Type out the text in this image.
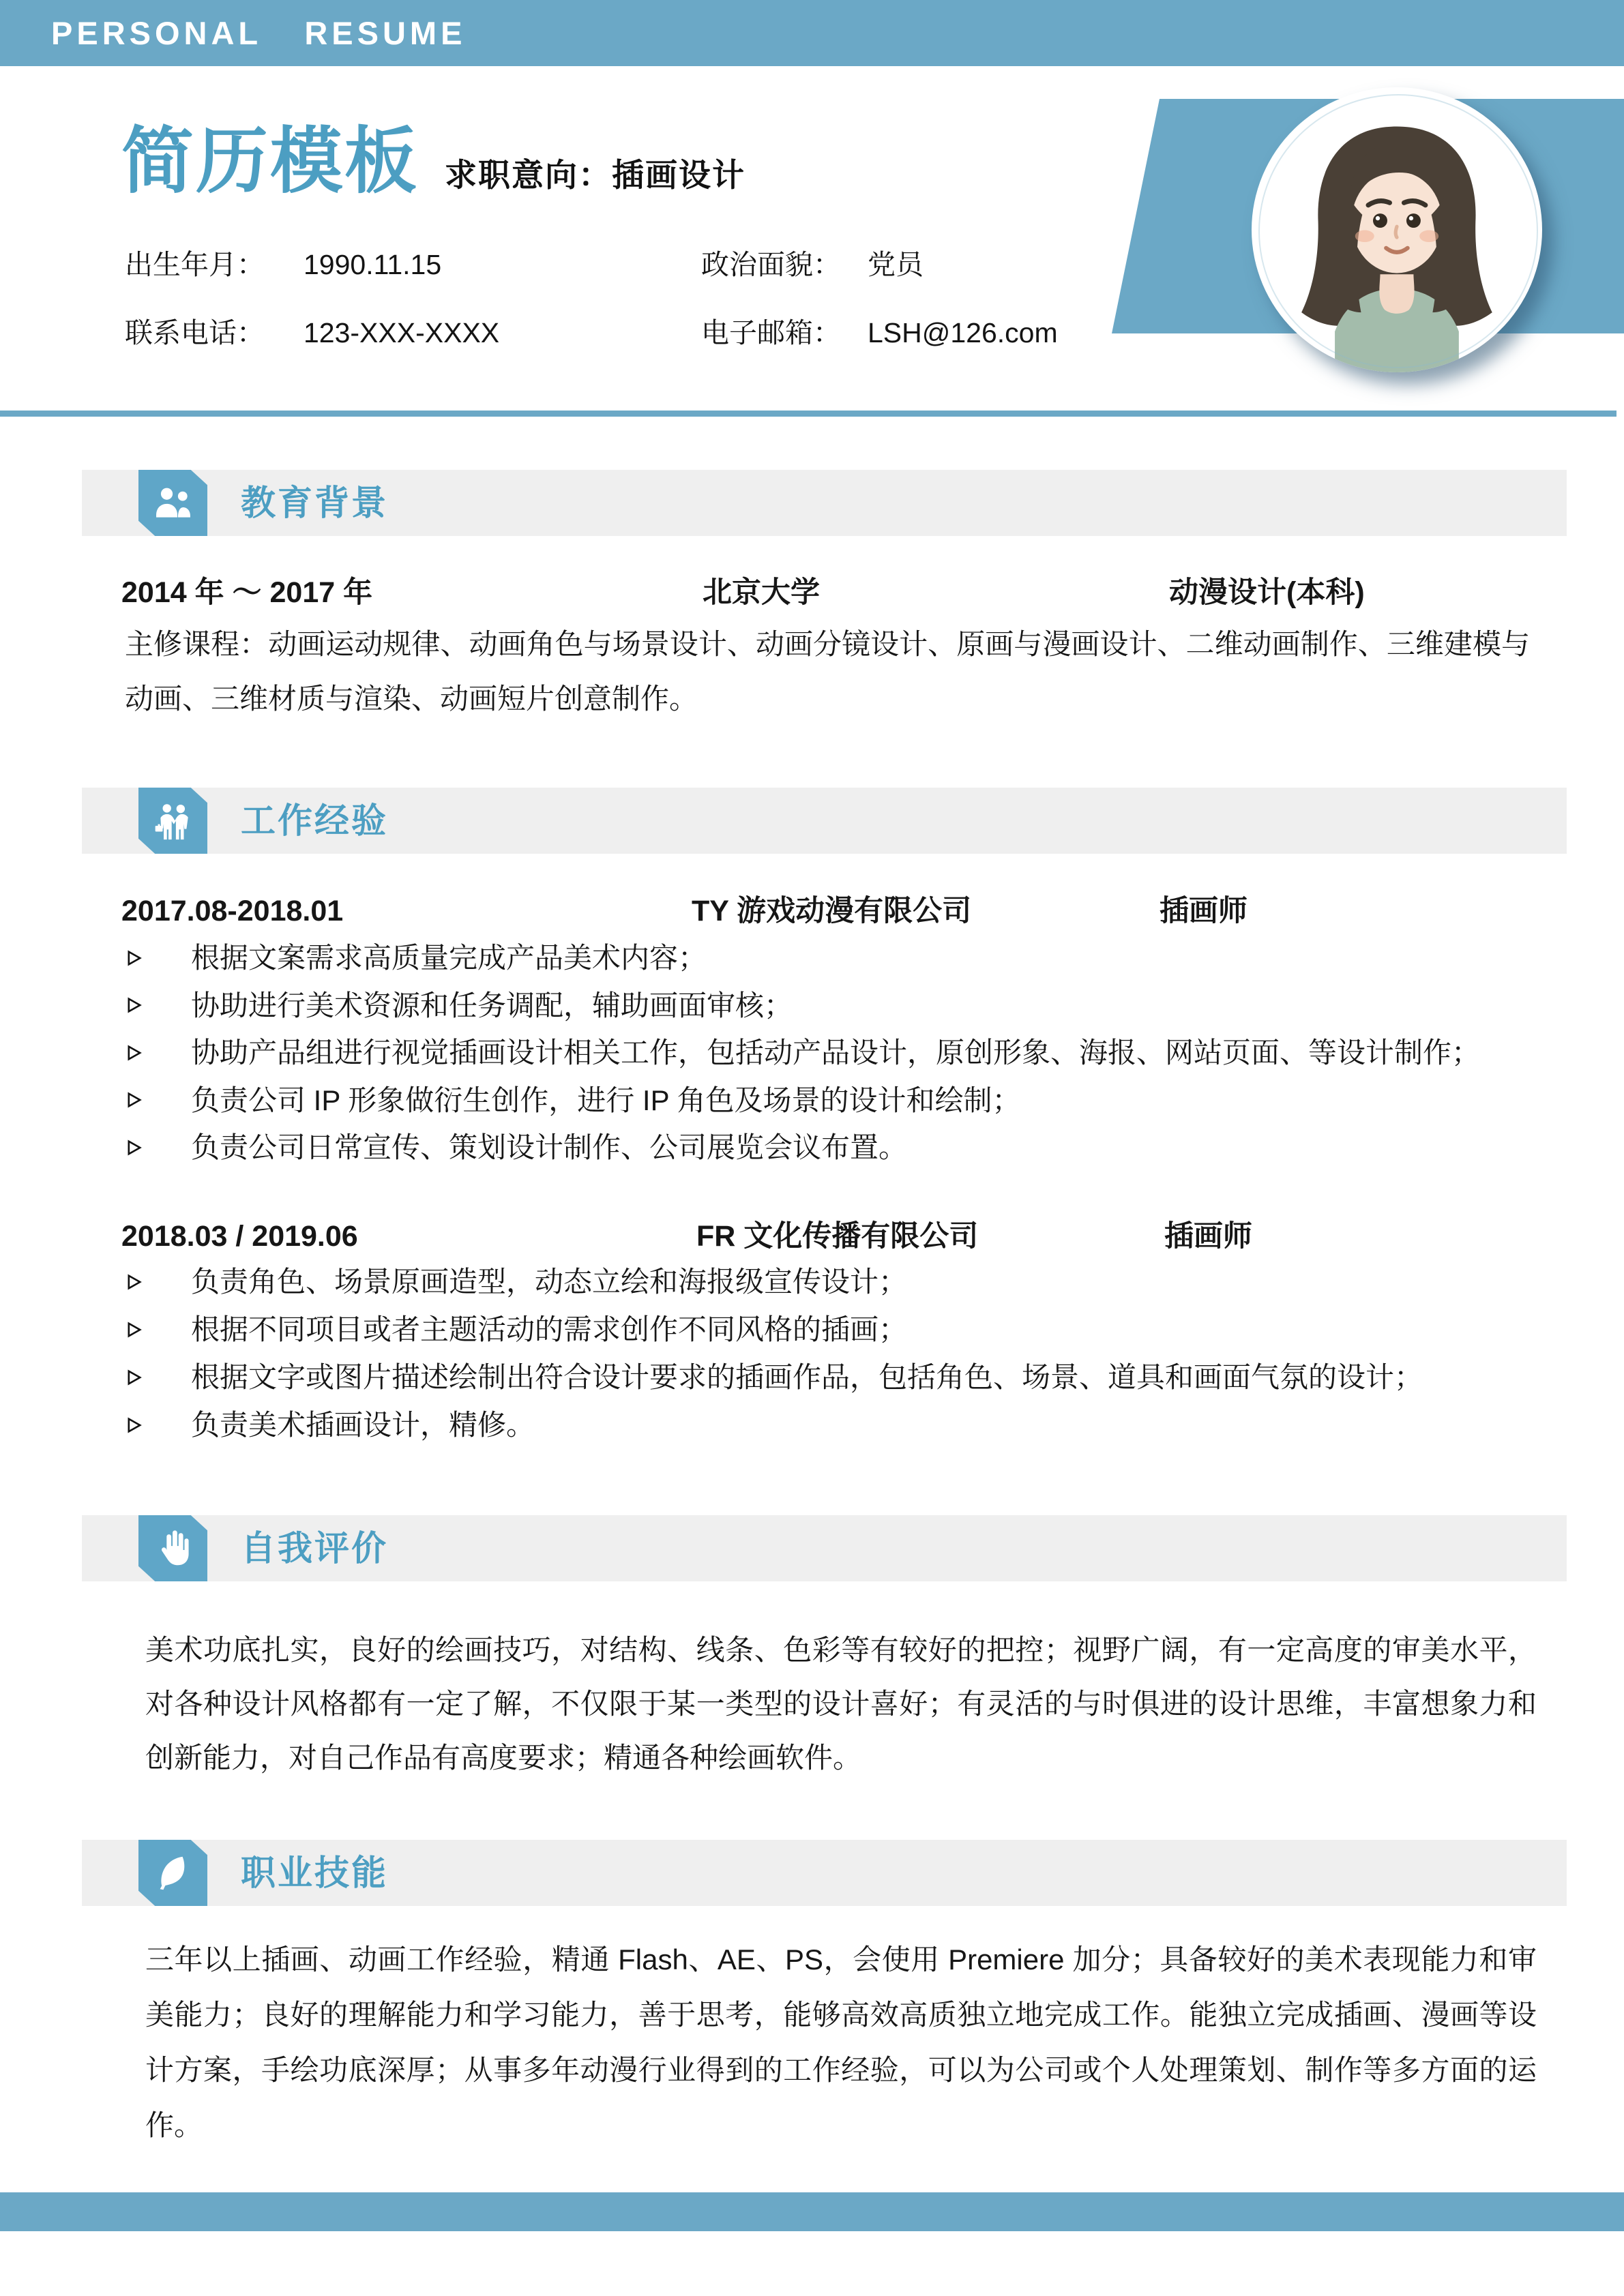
PERSONAL RESUME
简历模板 求职意向：插画设计
出生年月： 1990.11.15	政治面貌： 党员
联系电话： 123-XXX-XXXX	电子邮箱： LSH@126.com
教育背景
2014 年 ～ 2017 年	北京大学	动漫设计(本科)

主修课程：动画运动规律、动画角色与场景设计、动画分镜设计、原画与漫画设计、二维动画制作、三维建模与动画、三维材质与渲染、动画短片创意制作。

工作经验
2017.08-2018.01	TY 游戏动漫有限公司	插画师
根据文案需求高质量完成产品美术内容；
协助进行美术资源和任务调配，辅助画面审核；
协助产品组进行视觉插画设计相关工作，包括动产品设计，原创形象、海报、网站页面、等设计制作；
负责公司 IP 形象做衍生创作，进行 IP 角色及场景的设计和绘制；
负责公司日常宣传、策划设计制作、公司展览会议布置。
2018.03 / 2019.06	FR 文化传播有限公司	插画师
负责角色、场景原画造型，动态立绘和海报级宣传设计；
根据不同项目或者主题活动的需求创作不同风格的插画；
根据文字或图片描述绘制出符合设计要求的插画作品，包括角色、场景、道具和画面气氛的设计；
负责美术插画设计，精修。
自我评价

美术功底扎实，良好的绘画技巧，对结构、线条、色彩等有较好的把控；视野广阔，有一定高度的审美水平，对各种设计风格都有一定了解，不仅限于某一类型的设计喜好；有灵活的与时俱进的设计思维，丰富想象力和创新能力，对自己作品有高度要求；精通各种绘画软件。

职业技能

三年以上插画、动画工作经验，精通 Flash、AE、PS，会使用 Premiere 加分；具备较好的美术表现能力和审美能力；良好的理解能力和学习能力，善于思考，能够高效高质独立地完成工作。能独立完成插画、漫画等设计方案，手绘功底深厚；从事多年动漫行业得到的工作经验，可以为公司或个人处理策划、制作等多方面的运作。
